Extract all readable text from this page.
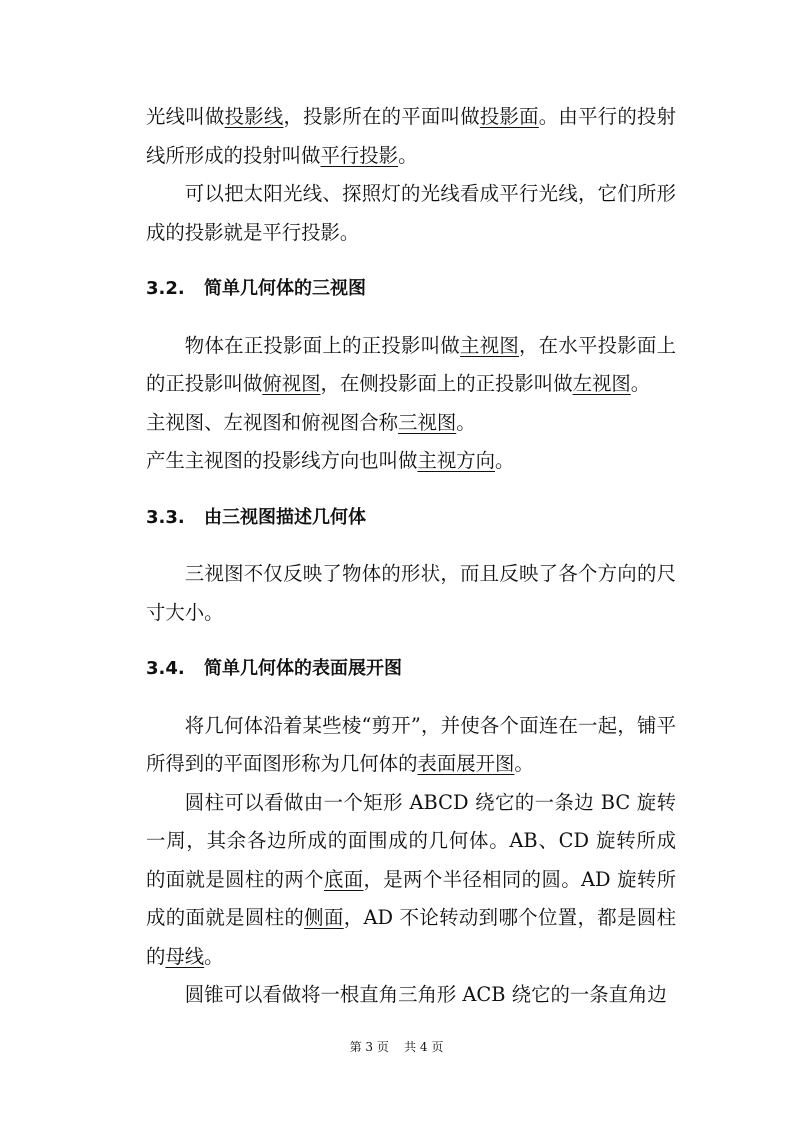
光线叫做投影线，投影所在的平面叫做投影面。由平行的投射线所形成的投射叫做平行投影。

可以把太阳光线、探照灯的光线看成平行光线，它们所形成的投影就是平行投影。

3.2. 简单几何体的三视图

物体在正投影面上的正投影叫做主视图，在水平投影面上的正投影叫做俯视图，在侧投影面上的正投影叫做左视图。

主视图、左视图和俯视图合称三视图。

产生主视图的投影线方向也叫做主视方向。

3.3. 由三视图描述几何体

三视图不仅反映了物体的形状，而且反映了各个方向的尺寸大小。

3.4. 简单几何体的表面展开图

将几何体沿着某些棱“剪开”，并使各个面连在一起，铺平所得到的平面图形称为几何体的表面展开图。

圆柱可以看做由一个矩形 ABCD 绕它的一条边 BC 旋转一周，其余各边所成的面围成的几何体。AB、CD 旋转所成的面就是圆柱的两个底面，是两个半径相同的圆。AD 旋转所成的面就是圆柱的侧面，AD 不论转动到哪个位置，都是圆柱的母线。

圆锥可以看做将一根直角三角形 ACB 绕它的一条直角边

第 3 页    共 4 页
